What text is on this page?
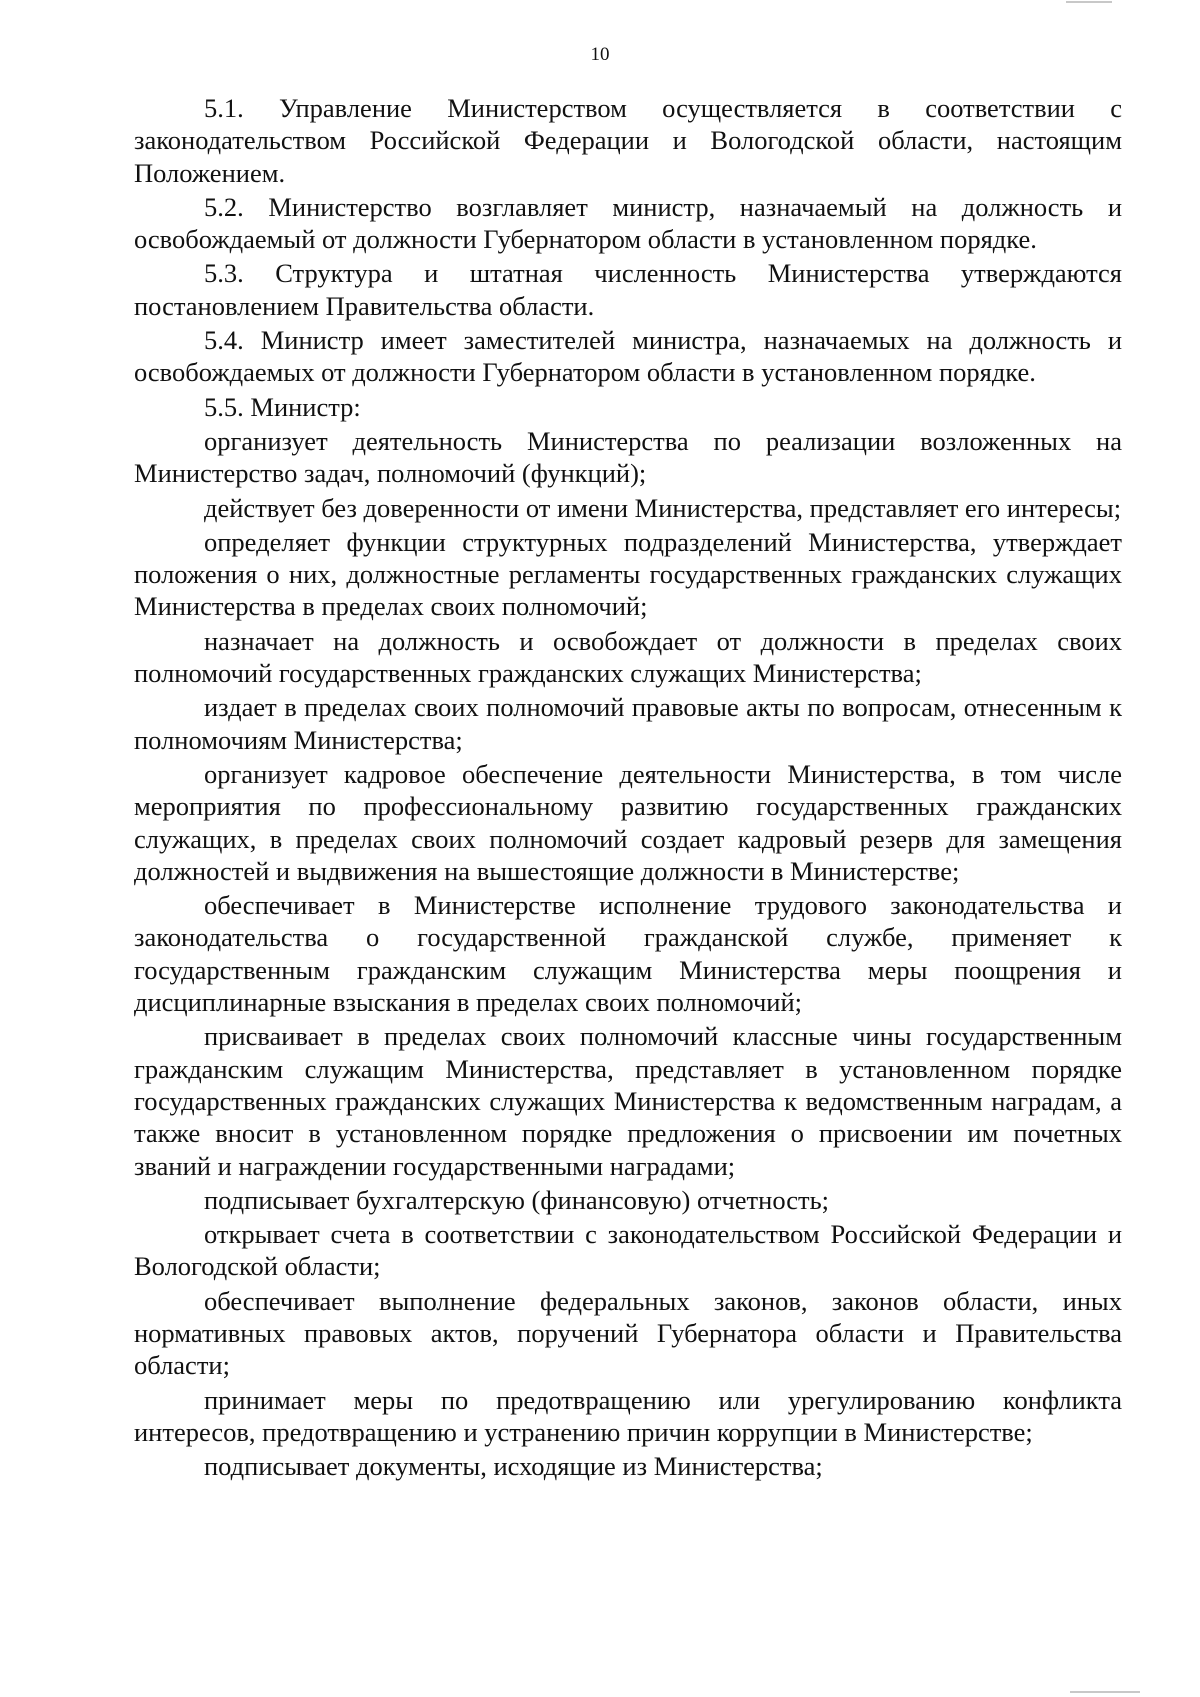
10

5.1. Управление Министерством осуществляется в соответствии с законодательством Российской Федерации и Вологодской области, настоящим Положением.

5.2. Министерство возглавляет министр, назначаемый на должность и освобождаемый от должности Губернатором области в установленном порядке.

5.3. Структура и штатная численность Министерства утверждаются постановлением Правительства области.

5.4. Министр имеет заместителей министра, назначаемых на должность и освобождаемых от должности Губернатором области в установленном порядке.

5.5. Министр:

организует деятельность Министерства по реализации возложенных на Министерство задач, полномочий (функций);

действует без доверенности от имени Министерства, представляет его интересы;

определяет функции структурных подразделений Министерства, утверждает положения о них, должностные регламенты государственных гражданских служащих Министерства в пределах своих полномочий;

назначает на должность и освобождает от должности в пределах своих полномочий государственных гражданских служащих Министерства;

издает в пределах своих полномочий правовые акты по вопросам, отнесенным к полномочиям Министерства;

организует кадровое обеспечение деятельности Министерства, в том числе мероприятия по профессиональному развитию государственных гражданских служащих, в пределах своих полномочий создает кадровый резерв для замещения должностей и выдвижения на вышестоящие должности в Министерстве;

обеспечивает в Министерстве исполнение трудового законодательства и законодательства о государственной гражданской службе, применяет к государственным гражданским служащим Министерства меры поощрения и дисциплинарные взыскания в пределах своих полномочий;

присваивает в пределах своих полномочий классные чины государственным гражданским служащим Министерства, представляет в установленном порядке государственных гражданских служащих Министерства к ведомственным наградам, а также вносит в установленном порядке предложения о присвоении им почетных званий и награждении государственными наградами;

подписывает бухгалтерскую (финансовую) отчетность;

открывает счета в соответствии с законодательством Российской Федерации и Вологодской области;

обеспечивает выполнение федеральных законов, законов области, иных нормативных правовых актов, поручений Губернатора области и Правительства области;

принимает меры по предотвращению или урегулированию конфликта интересов, предотвращению и устранению причин коррупции в Министерстве;

подписывает документы, исходящие из Министерства;
